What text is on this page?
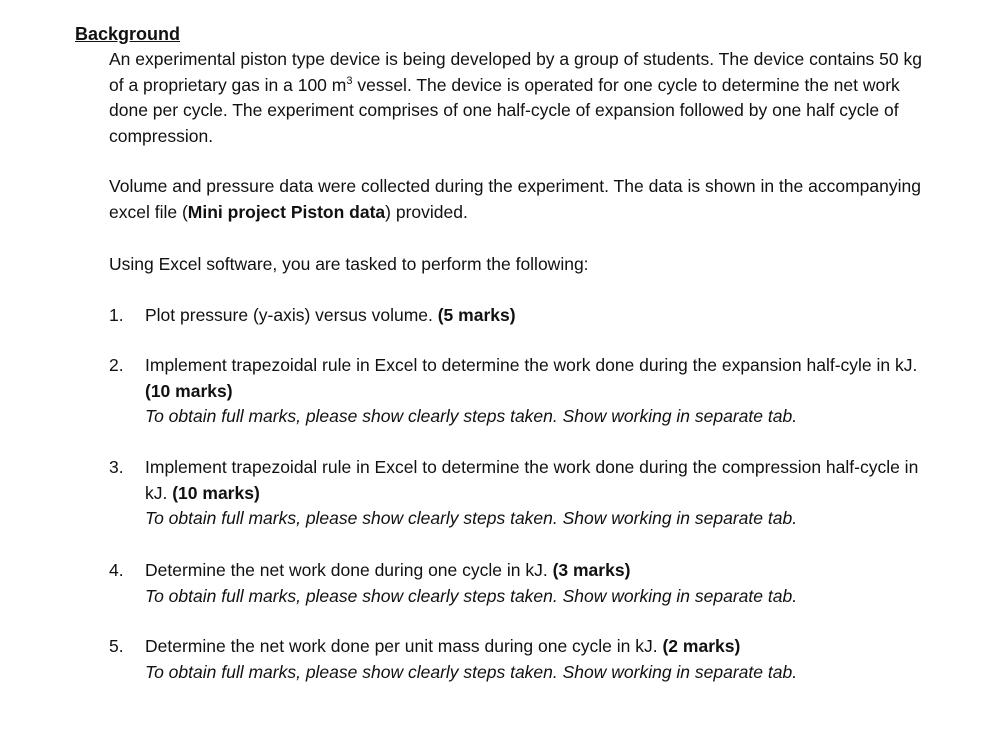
Background

An experimental piston type device is being developed by a group of students. The device contains 50 kg of a proprietary gas in a 100 $m^3$ vessel. The device is operated for one cycle to determine the net work done per cycle. The experiment comprises of one half-cycle of expansion followed by one half cycle of compression.

Volume and pressure data were collected during the experiment. The data is shown in the accompanying excel file (Mini project Piston data) provided.

Using Excel software, you are tasked to perform the following:

1.	Plot pressure (y-axis) versus volume. (5 marks)
2.	Implement trapezoidal rule in Excel to determine the work done during the expansion half-cyle in kJ. (10 marks)
To obtain full marks, please show clearly steps taken. Show working in separate tab.
3.	Implement trapezoidal rule in Excel to determine the work done during the compression half-cycle in kJ. (10 marks)
To obtain full marks, please show clearly steps taken. Show working in separate tab.
4.	Determine the net work done during one cycle in kJ. (3 marks)
To obtain full marks, please show clearly steps taken. Show working in separate tab.
5.	Determine the net work done per unit mass during one cycle in kJ. (2 marks)
To obtain full marks, please show clearly steps taken. Show working in separate tab.
